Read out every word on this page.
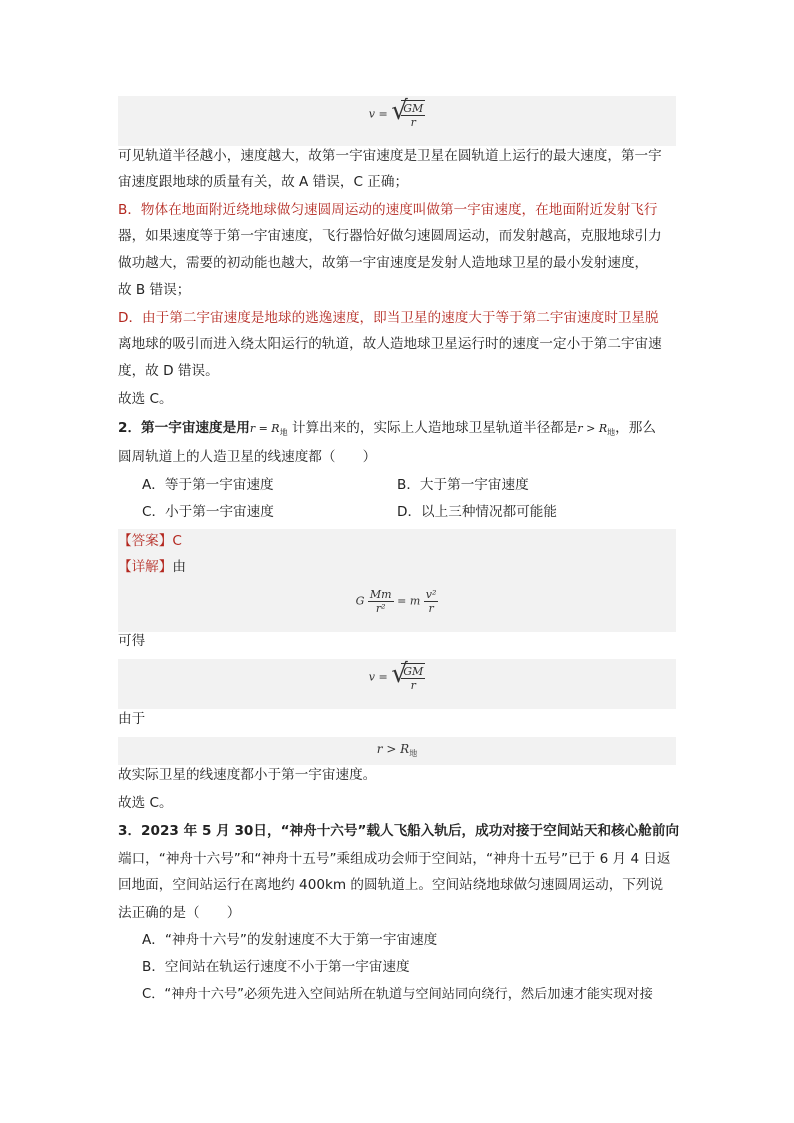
v = √
$\frac{GM}{r}$
可见轨道半径越小，速度越大，故第一宇宙速度是卫星在圆轨道上运行的最大速度，第一宇
宙速度跟地球的质量有关，故 A 错误，C 正确；
B．物体在地面附近绕地球做匀速圆周运动的速度叫做第一宇宙速度，在地面附近发射飞行
器，如果速度等于第一宇宙速度，飞行器恰好做匀速圆周运动，而发射越高，克服地球引力
做功越大，需要的初动能也越大，故第一宇宙速度是发射人造地球卫星的最小发射速度，
故 B 错误；
D．由于第二宇宙速度是地球的逃逸速度，即当卫星的速度大于等于第二宇宙速度时卫星脱
离地球的吸引而进入绕太阳运行的轨道，故人造地球卫星运行时的速度一定小于第二宇宙速
度，故 D 错误。
故选 C。
2．第一宇宙速度是用$r = R_地$ 计算出来的，实际上人造地球卫星轨道半径都是$r > R_地$，那么
圆周轨道上的人造卫星的线速度都（　　）
A．等于第一宇宙速度	B．大于第一宇宙速度
C．小于第一宇宙速度	D．以上三种情况都可能能
【答案】C
【详解】由
G $\frac{Mm}{\text{r²}} = m \frac{\text{v²}}{r}$
可得
v = √
$\frac{GM}{r}$
由于
$r > R_地$
故实际卫星的线速度都小于第一宇宙速度。
故选 C。
3．2023 年 5 月 30日，“神舟十六号”载人飞船入轨后，成功对接于空间站天和核心舱前向
端口，“神舟十六号”和“神舟十五号”乘组成功会师于空间站，“神舟十五号”已于 6 月 4 日返
回地面，空间站运行在离地约 400km 的圆轨道上。空间站绕地球做匀速圆周运动，下列说
法正确的是（　　）
A．“神舟十六号”的发射速度不大于第一宇宙速度
B．空间站在轨运行速度不小于第一宇宙速度
C．“神舟十六号”必须先进入空间站所在轨道与空间站同向绕行，然后加速才能实现对接
